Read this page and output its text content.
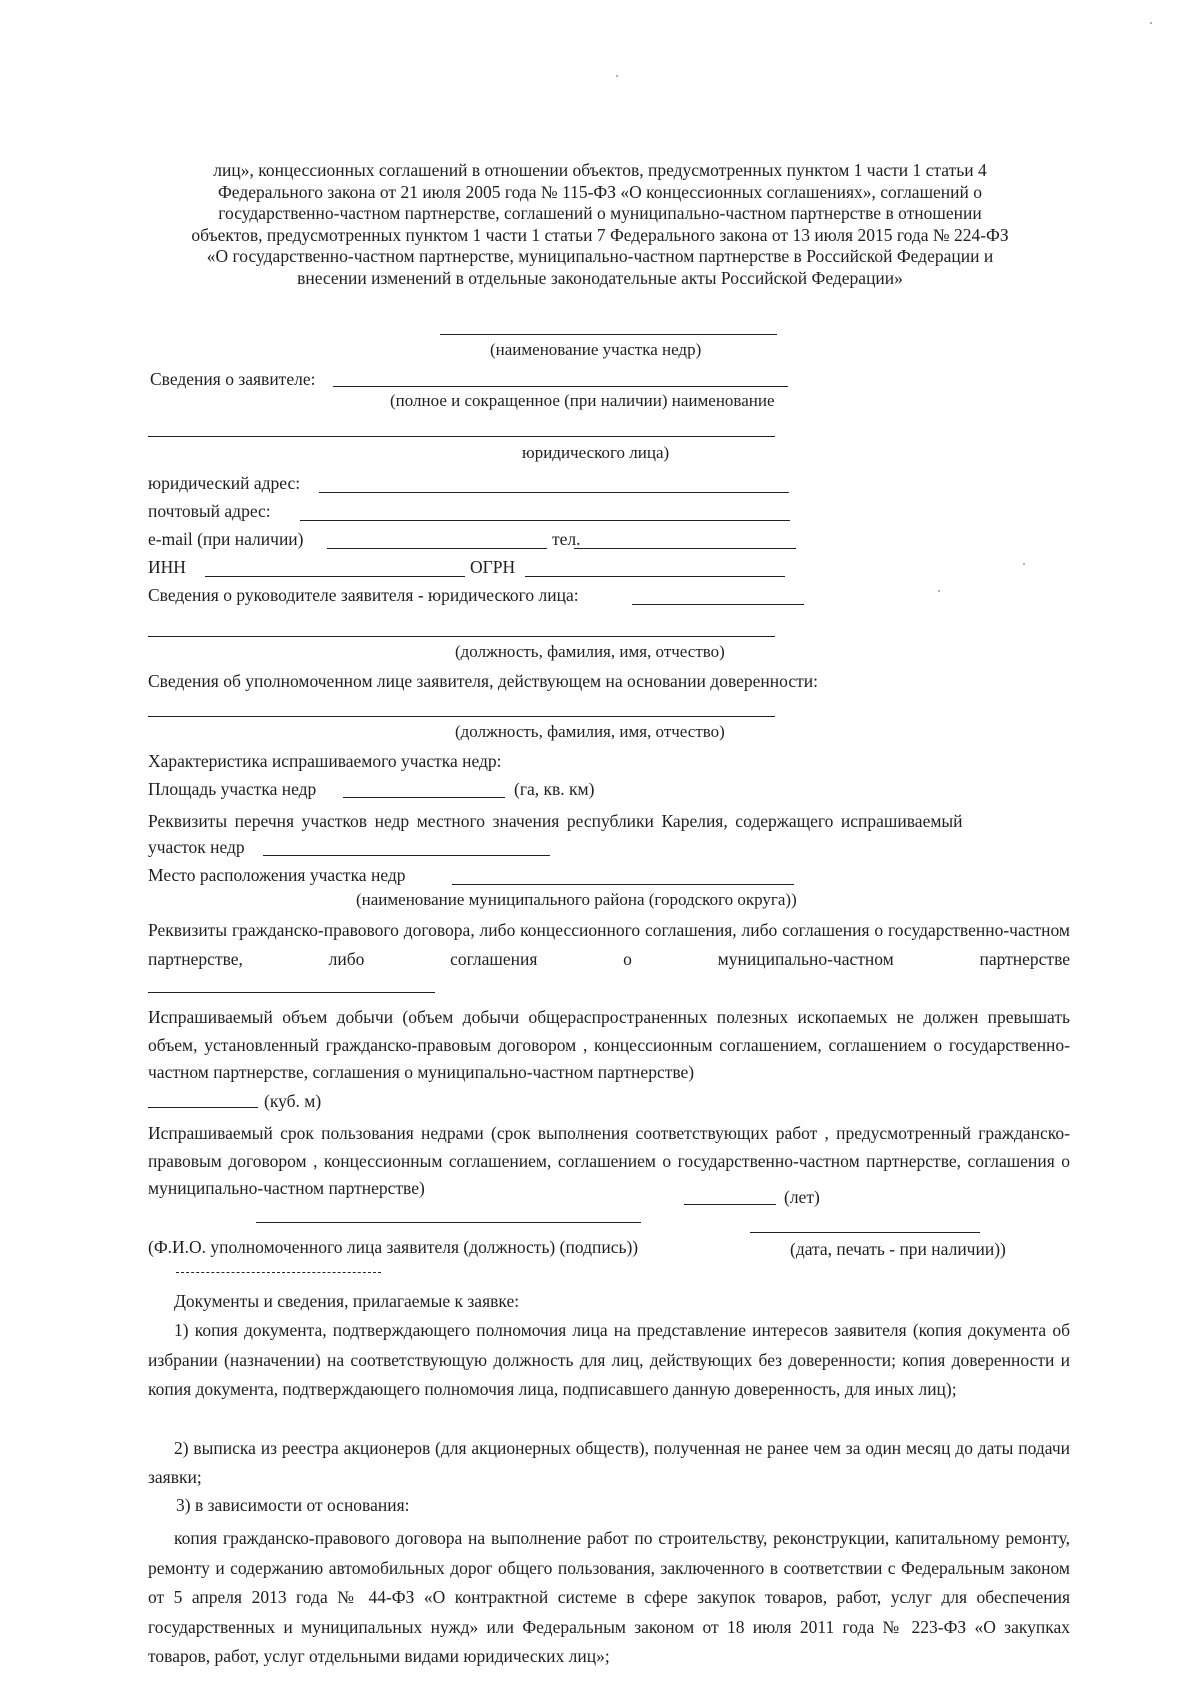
лиц», концессионных соглашений в отношении объектов, предусмотренных пунктом 1 части 1 статьи 4

Федерального закона от 21 июля 2005 года № 115-ФЗ «О концессионных соглашениях», соглашений о

государственно-частном партнерстве, соглашений о муниципально-частном партнерстве в отношении

объектов, предусмотренных пунктом 1 части 1 статьи 7 Федерального закона от 13 июля 2015 года № 224-ФЗ

«О государственно-частном партнерстве, муниципально-частном партнерстве в Российской Федерации и

внесении изменений в отдельные законодательные акты Российской Федерации»

(наименование участка недр)
Сведения о заявителе:
(полное и сокращенное (при наличии) наименование
юридического лица)
юридический адрес:
почтовый адрес:
e-mail (при наличии)	тел.
ИНН	ОГРН
Сведения о руководителе заявителя - юридического лица:
(должность, фамилия, имя, отчество)
Сведения об уполномоченном лице заявителя, действующем на основании доверенности:
(должность, фамилия, имя, отчество)
Характеристика испрашиваемого участка недр:
Площадь участка недр	(га, кв. км)
Реквизиты перечня участков недр местного значения республики Карелия, содержащего испрашиваемый
участок недр
Место расположения участка недр
(наименование муниципального района (городского округа))
Реквизиты гражданско-правового договора, либо концессионного соглашения, либо соглашения о государственно-частном партнерстве, либо соглашения о муниципально-частном партнерстве
Испрашиваемый объем добычи (объем добычи общераспространенных полезных ископаемых не должен превышать объем, установленный гражданско-правовым договором , концессионным соглашением, соглашением о государственно-частном партнерстве, соглашения о муниципально-частном партнерстве)
(куб. м)
Испрашиваемый срок пользования недрами (срок выполнения соответствующих работ , предусмотренный гражданско-правовым договором , концессионным соглашением, соглашением о государственно-частном партнерстве, соглашения о муниципально-частном партнерстве)	(лет)
(Ф.И.О. уполномоченного лица заявителя (должность) (подпись))	(дата, печать - при наличии))
Документы и сведения, прилагаемые к заявке:
1) копия документа, подтверждающего полномочия лица на представление интересов заявителя (копия документа об избрании (назначении) на соответствующую должность для лиц, действующих без доверенности; копия доверенности и копия документа, подтверждающего полномочия лица, подписавшего данную доверенность, для иных лиц);
2) выписка из реестра акционеров (для акционерных обществ), полученная не ранее чем за один месяц до даты подачи заявки;
3) в зависимости от основания:
копия гражданско-правового договора на выполнение работ по строительству, реконструкции, капитальному ремонту, ремонту и содержанию автомобильных дорог общего пользования, заключенного в соответствии с Федеральным законом от 5 апреля 2013 года № 44-ФЗ «О контрактной системе в сфере закупок товаров, работ, услуг для обеспечения государственных и муниципальных нужд» или Федеральным законом от 18 июля 2011 года № 223-ФЗ «О закупках товаров, работ, услуг отдельными видами юридических лиц»;
